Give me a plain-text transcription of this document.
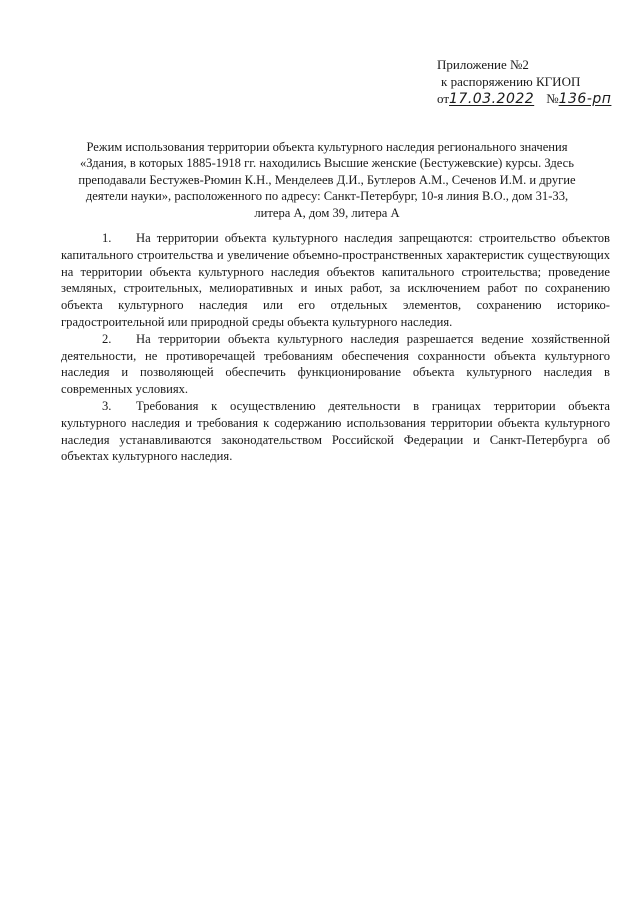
Приложение №2
к распоряжению КГИОП
от17.03.2022 №136-рп
Режим использования территории объекта культурного наследия регионального значения
«Здания, в которых 1885-1918 гг. находились Высшие женские (Бестужевские) курсы. Здесь
преподавали Бестужев-Рюмин К.Н., Менделеев Д.И., Бутлеров А.М., Сеченов И.М. и другие
деятели науки», расположенного по адресу: Санкт-Петербург, 10-я линия В.О., дом 31-33,
литера А, дом 39, литера А

1. На территории объекта культурного наследия запрещаются: строительство объектов капитального строительства и увеличение объемно-пространственных характеристик существующих на территории объекта культурного наследия объектов капитального строительства; проведение земляных, строительных, мелиоративных и иных работ, за исключением работ по сохранению объекта культурного наследия или его отдельных элементов, сохранению историко-градостроительной или природной среды объекта культурного наследия.

2. На территории объекта культурного наследия разрешается ведение хозяйственной деятельности, не противоречащей требованиям обеспечения сохранности объекта культурного наследия и позволяющей обеспечить функционирование объекта культурного наследия в современных условиях.

3. Требования к осуществлению деятельности в границах территории объекта культурного наследия и требования к содержанию использования территории объекта культурного наследия устанавливаются законодательством Российской Федерации и Санкт-Петербурга об объектах культурного наследия.
